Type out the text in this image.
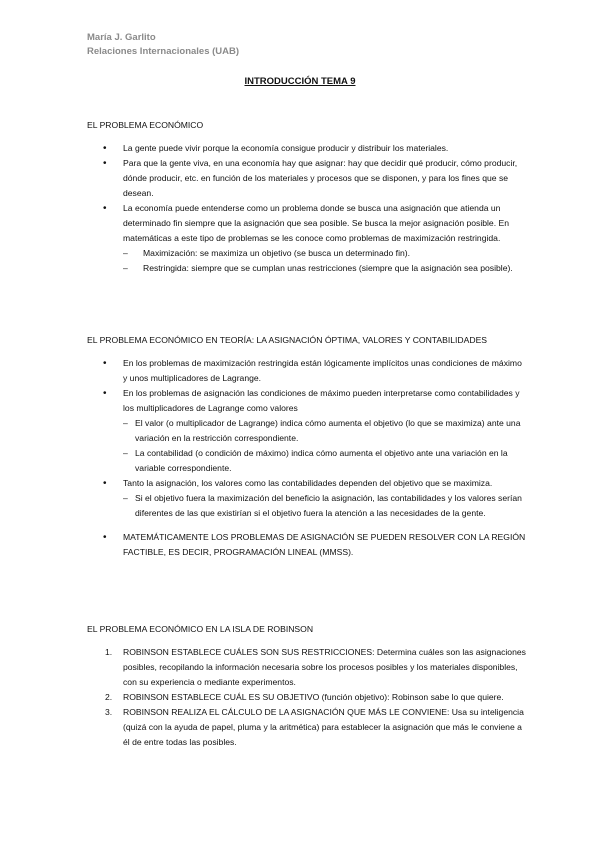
María J. Garlito
Relaciones Internacionales (UAB)
INTRODUCCIÓN TEMA 9

EL PROBLEMA ECONÓMICO

• La gente puede vivir porque la economía consigue producir y distribuir los materiales.
• Para que la gente viva, en una economía hay que asignar: hay que decidir qué producir, cómo producir, dónde producir, etc. en función de los materiales y procesos que se disponen, y para los fines que se desean.
• La economía puede entenderse como un problema donde se busca una asignación que atienda un determinado fin siempre que la asignación que sea posible. Se busca la mejor asignación posible. En matemáticas a este tipo de problemas se les conoce como problemas de maximización restringida.
– Maximización: se maximiza un objetivo (se busca un determinado fin).
– Restringida: siempre que se cumplan unas restricciones (siempre que la asignación sea posible).

EL PROBLEMA ECONÓMICO EN TEORÍA: LA ASIGNACIÓN ÓPTIMA, VALORES Y CONTABILIDADES

• En los problemas de maximización restringida están lógicamente implícitos unas condiciones de máximo y unos multiplicadores de Lagrange.
• En los problemas de asignación las condiciones de máximo pueden interpretarse como contabilidades y los multiplicadores de Lagrange como valores
– El valor (o multiplicador de Lagrange) indica cómo aumenta el objetivo (lo que se maximiza) ante una variación en la restricción correspondiente.
– La contabilidad (o condición de máximo) indica cómo aumenta el objetivo ante una variación en la variable correspondiente.
• Tanto la asignación, los valores como las contabilidades dependen del objetivo que se maximiza.
– Si el objetivo fuera la maximización del beneficio la asignación, las contabilidades y los valores serían diferentes de las que existirían si el objetivo fuera la atención a las necesidades de la gente.
• MATEMÁTICAMENTE LOS PROBLEMAS DE ASIGNACIÓN SE PUEDEN RESOLVER CON LA REGIÓN FACTIBLE, ES DECIR, PROGRAMACIÓN LINEAL (MMSS).

EL PROBLEMA ECONÓMICO EN LA ISLA DE ROBINSON

1. ROBINSON ESTABLECE CUÁLES SON SUS RESTRICCIONES: Determina cuáles son las asignaciones posibles, recopilando la información necesaria sobre los procesos posibles y los materiales disponibles, con su experiencia o mediante experimentos.
2. ROBINSON ESTABLECE CUÁL ES SU OBJETIVO (función objetivo): Robinson sabe lo que quiere.
3. ROBINSON REALIZA EL CÁLCULO DE LA ASIGNACIÓN QUE MÁS LE CONVIENE: Usa su inteligencia (quizá con la ayuda de papel, pluma y la aritmética) para establecer la asignación que más le conviene a él de entre todas las posibles.
